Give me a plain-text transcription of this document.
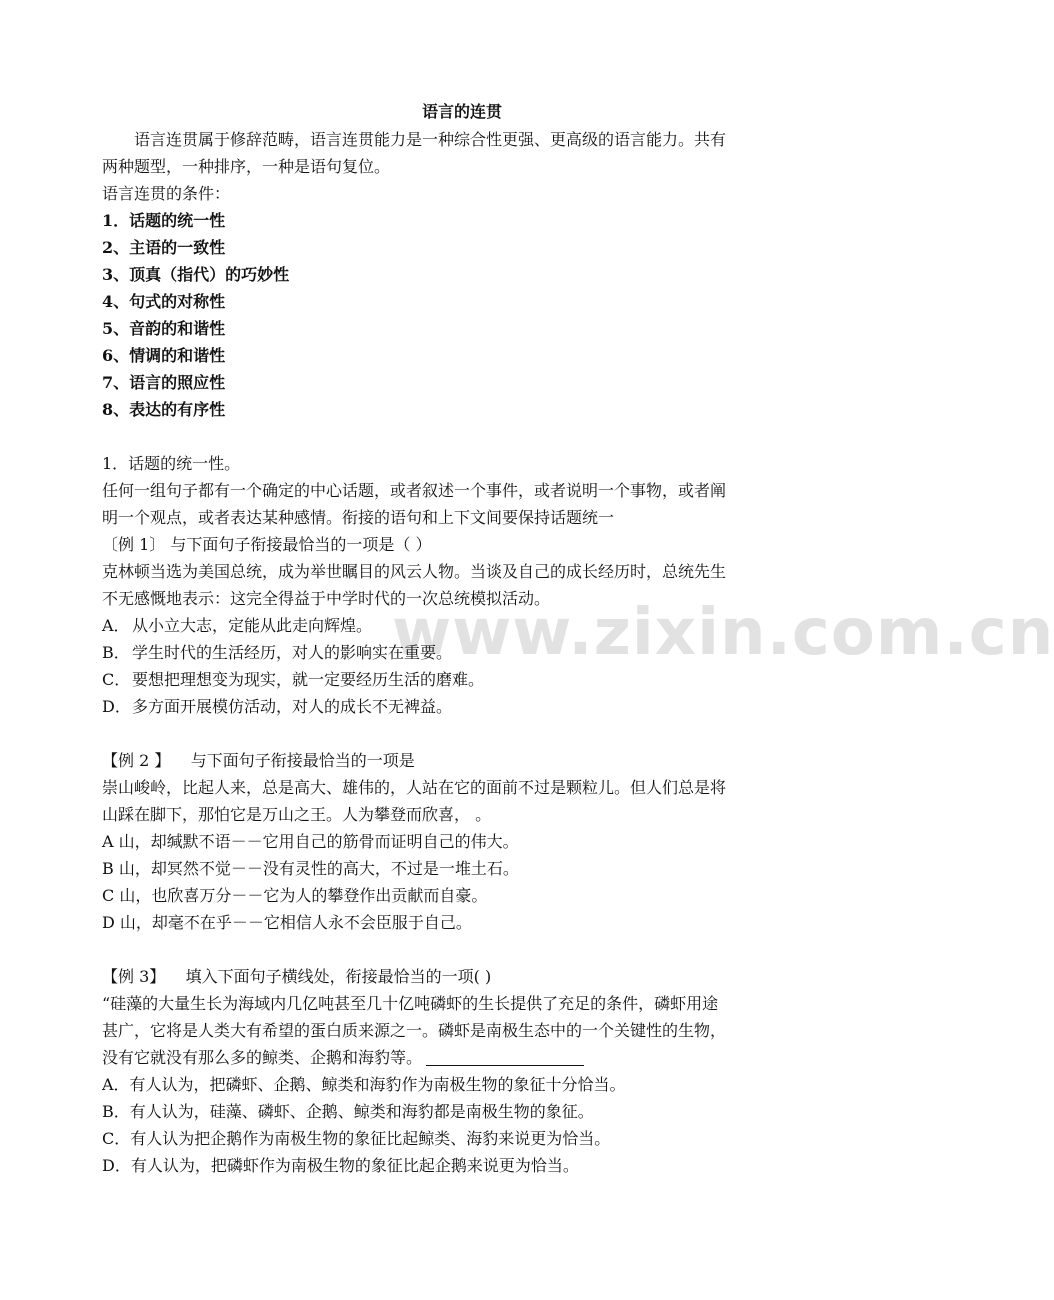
www.zixin.com.cn
语言的连贯

语言连贯属于修辞范畴，语言连贯能力是一种综合性更强、更高级的语言能力。共有

两种题型，一种排序，一种是语句复位。

语言连贯的条件：

1．话题的统一性

2、主语的一致性

3、顶真（指代）的巧妙性

4、句式的对称性

5、音韵的和谐性

6、情调的和谐性

7、语言的照应性

8、表达的有序性

1．话题的统一性。

任何一组句子都有一个确定的中心话题，或者叙述一个事件，或者说明一个事物，或者阐

明一个观点，或者表达某种感情。衔接的语句和上下文间要保持话题统一

〔例 1〕 与下面句子衔接最恰当的一项是（ ）

克林顿当选为美国总统，成为举世瞩目的风云人物。当谈及自己的成长经历时，总统先生

不无感慨地表示：这完全得益于中学时代的一次总统模拟活动。

A． 从小立大志，定能从此走向辉煌。

B． 学生时代的生活经历，对人的影响实在重要。

C． 要想把理想变为现实，就一定要经历生活的磨难。

D．多方面开展模仿活动，对人的成长不无裨益。

【例 2 】 与下面句子衔接最恰当的一项是

崇山峻岭，比起人来，总是高大、雄伟的，人站在它的面前不过是颗粒儿。但人们总是将

山踩在脚下，那怕它是万山之王。人为攀登而欣喜， 。

A 山，却缄默不语－－它用自己的筋骨而证明自己的伟大。

B 山，却冥然不觉－－没有灵性的高大，不过是一堆土石。

C 山，也欣喜万分－－它为人的攀登作出贡献而自豪。

D 山，却毫不在乎－－它相信人永不会臣服于自己。

【例 3】 填入下面句子横线处，衔接最恰当的一项( )

“硅藻的大量生长为海域内几亿吨甚至几十亿吨磷虾的生长提供了充足的条件，磷虾用途

甚广，它将是人类大有希望的蛋白质来源之一。磷虾是南极生态中的一个关键性的生物，

没有它就没有那么多的鲸类、企鹅和海豹等。

A．有人认为，把磷虾、企鹅、鲸类和海豹作为南极生物的象征十分恰当。

B．有人认为，硅藻、磷虾、企鹅、鲸类和海豹都是南极生物的象征。

C．有人认为把企鹅作为南极生物的象征比起鲸类、海豹来说更为恰当。

D．有人认为，把磷虾作为南极生物的象征比起企鹅来说更为恰当。
